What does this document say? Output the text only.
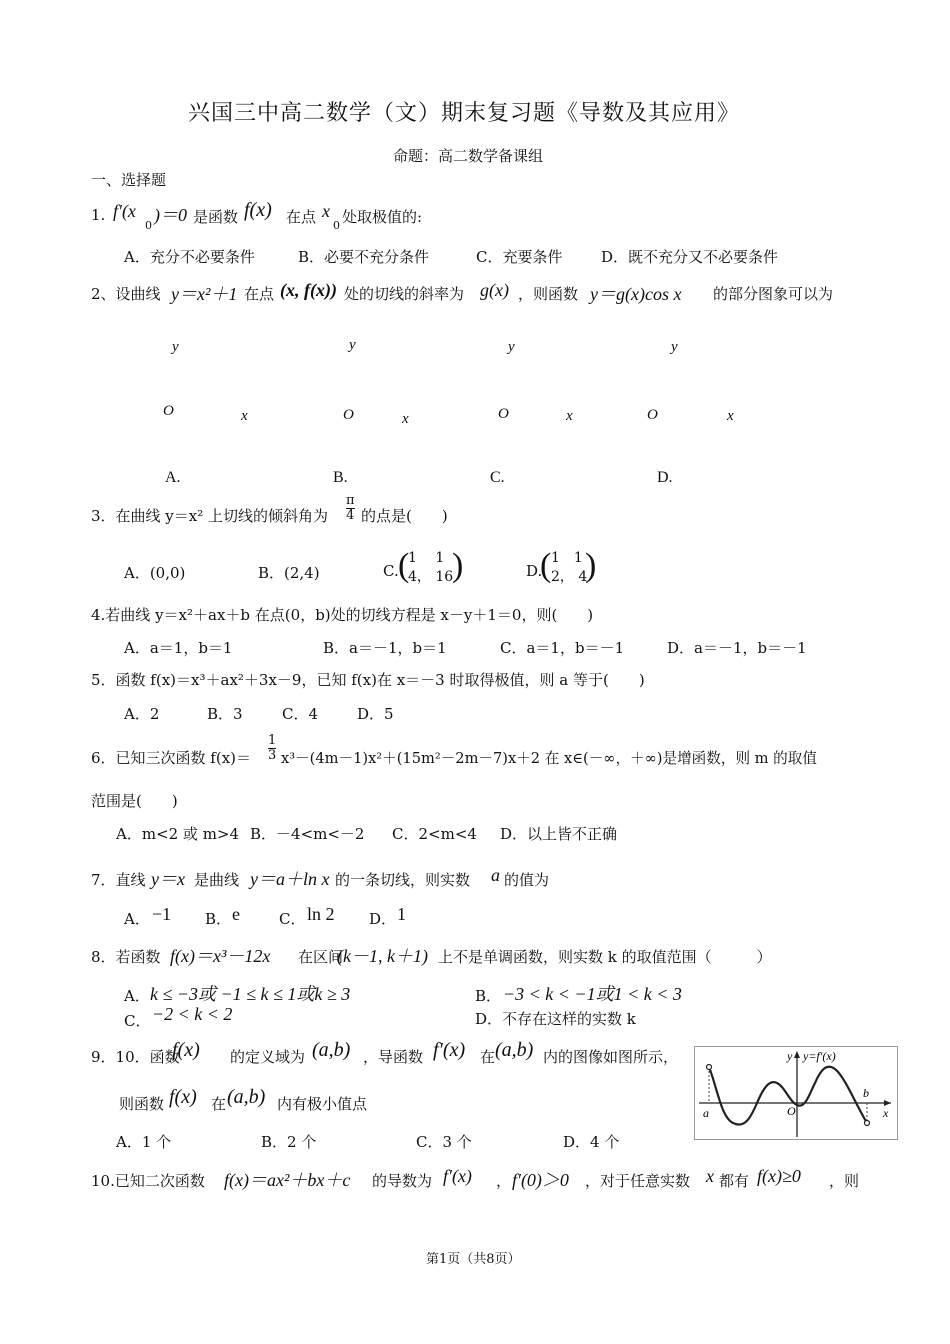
兴国三中高二数学（文）期末复习题《导数及其应用》
命题：高二数学备课组
一、选择题
1. f′(x
0
)＝0 是函数 f(x) 在点 x
0 处取极值的:
A．充分不必要条件	B．必要不充分条件	C．充要条件	D．既不充分又不必要条件
2、设曲线 y＝x²＋1 在点 (x, f(x)) 处的切线的斜率为 g(x) ，则函数 y＝g(x)cos x 的部分图象可以为
y
O	x
A.
y
O	x
B.
y
O	x
C.
y
O	x
D.
3．在曲线 y＝x² 上切线的倾斜角为 $\frac{\pi}{4}$ 的点是(　　)
A．(0,0)	B．(2,4)	C. (
1　 1
4， 16
)	D.
( 1　1
2， 4
)
4.若曲线 y＝x²＋ax＋b 在点(0，b)处的切线方程是 x－y＋1＝0，则(　　)
A．a＝1，b＝1	B．a＝－1，b＝1	C．a＝1，b＝－1	D．a＝－1，b＝－1
5．函数 f(x)＝x³＋ax²＋3x－9，已知 f(x)在 x＝－3 时取得极值，则 a 等于(　　)
A．2	B．3	C．4	D．5
6．已知三次函数 $f(x)= \frac{1}{3} x^3-(4m-1)x^2+(15m^2-2m-7)x+2$ 在 x∈(－∞，＋∞)是增函数，则 m 的取值
范围是(　　)
A．m<2 或 m>4 B．－4<m<－2 C．2<m<4 D．以上皆不正确
7．直线 y＝x 是曲线 y＝a＋ln x 的一条切线，则实数 a 的值为
A． −1 B． e	C． ln 2 D． 1
8．若函数 f(x)＝x³－12x 在区间
(k－1, k＋1) 上不是单调函数，则实数 k 的取值范围（　　　）
A． k ≤ −3或 −1 ≤ k ≤ 1或k ≥ 3	B． −3 < k < −1或1 < k < 3
C． −2 < k < 2	D．不存在这样的实数 k
9．10．函数
f(x) 的定义域为 (a,b) ，导函数 f′(x) 在 (a,b) 内的图像如图所示，
则函数 f(x) 在 (a,b) 内有极小值点
A．1 个	B．2 个	C．3 个	D．4 个
y y=f′(x)
a	O
b
x
10.已知二次函数 f(x)＝ax²＋bx＋c 的导数为 f′(x) ， f′(0)＞0 ，对于任意实数 x 都有 f(x)≥0 ，则
第1页（共8页）
